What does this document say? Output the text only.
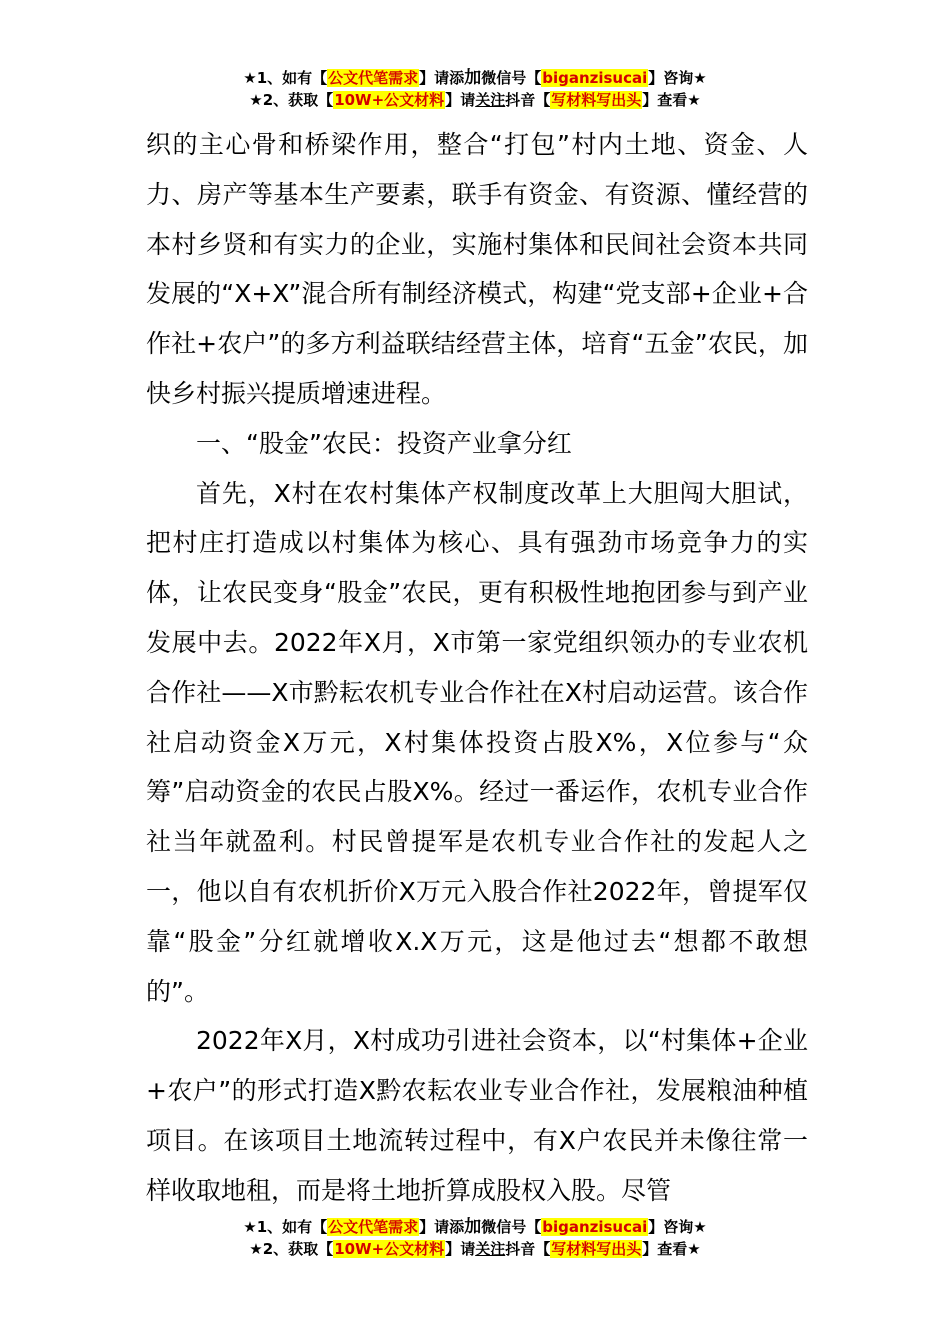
★1、如有【公文代笔需求】请添加微信号【biganzisucai】咨询★
★2、获取【10W+公文材料】请关注抖音【写材料写出头】查看★

织的主心骨和桥梁作用，整合“打包”村内土地、资金、人力、房产等基本生产要素，联手有资金、有资源、懂经营的本村乡贤和有实力的企业，实施村集体和民间社会资本共同发展的“X+X”混合所有制经济模式，构建“党支部+企业+合作社+农户”的多方利益联结经营主体，培育“五金”农民，加快乡村振兴提质增速进程。

一、“股金”农民：投资产业拿分红

首先，X村在农村集体产权制度改革上大胆闯大胆试，把村庄打造成以村集体为核心、具有强劲市场竞争力的实体，让农民变身“股金”农民，更有积极性地抱团参与到产业发展中去。2022年X月，X市第一家党组织领办的专业农机合作社——X市黔耘农机专业合作社在X村启动运营。该合作社启动资金X万元，X村集体投资占股X%，X位参与“众筹”启动资金的农民占股X%。经过一番运作，农机专业合作社当年就盈利。村民曾提军是农机专业合作社的发起人之一，他以自有农机折价X万元入股合作社2022年，曾提军仅靠“股金”分红就增收X.X万元，这是他过去“想都不敢想的”。

2022年X月，X村成功引进社会资本，以“村集体+企业+农户”的形式打造X黔农耘农业专业合作社，发展粮油种植项目。在该项目土地流转过程中，有X户农民并未像往常一样收取地租，而是将土地折算成股权入股。尽管

★1、如有【公文代笔需求】请添加微信号【biganzisucai】咨询★
★2、获取【10W+公文材料】请关注抖音【写材料写出头】查看★
